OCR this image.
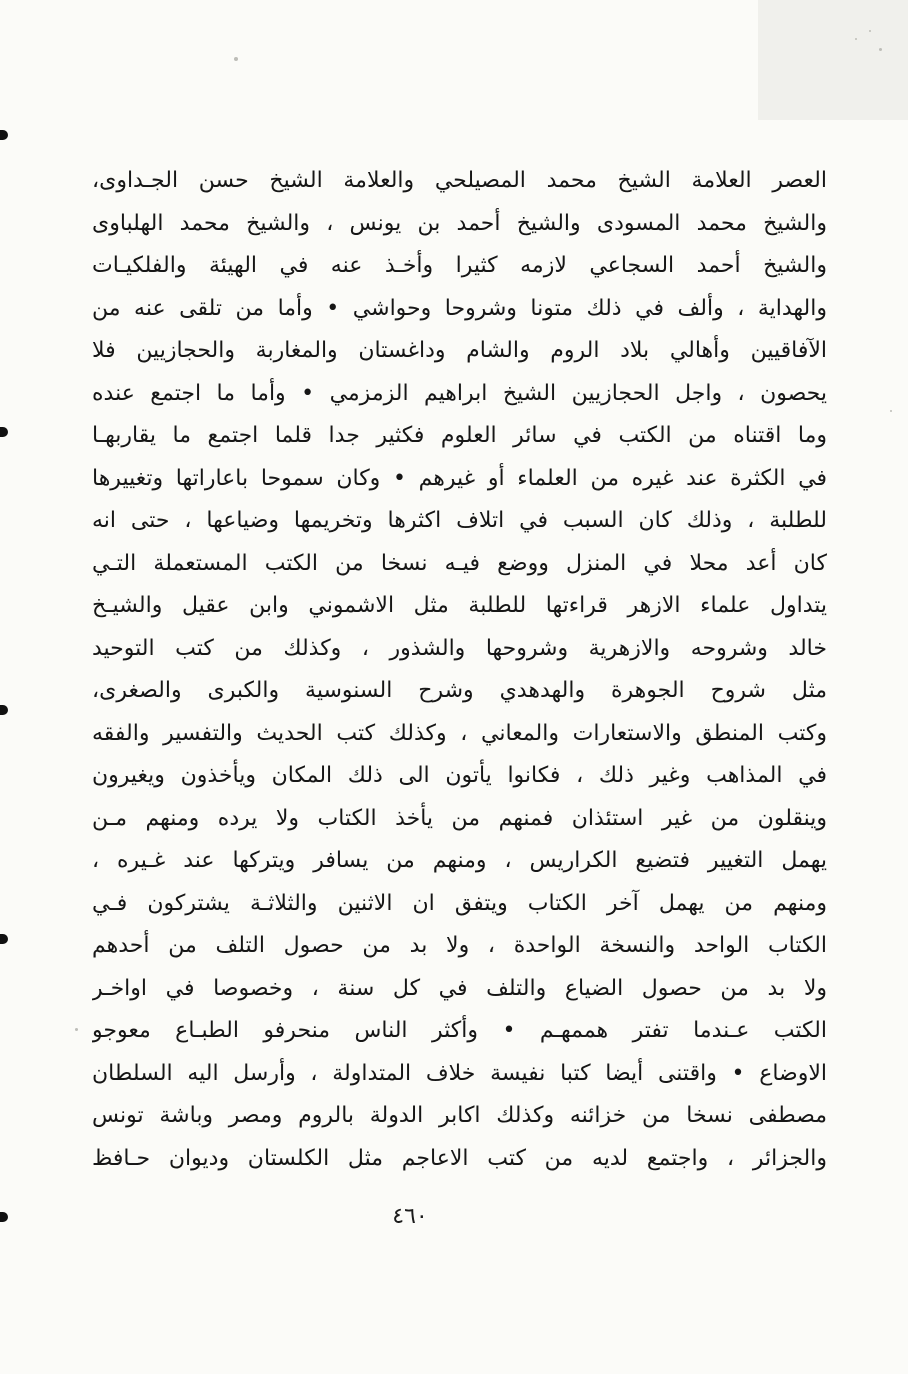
العصر العلامة الشيخ محمد المصيلحي والعلامة الشيخ حسن الجـداوى،
والشيخ محمد المسودى والشيخ أحمد بن يونس ، والشيخ محمد الهلباوى
والشيخ أحمد السجاعي لازمه كثيرا وأخـذ عنه في الهيئة والفلكيـات
والهداية ، وألف في ذلك متونا وشروحا وحواشي • وأما من تلقى عنه من
الآفاقيين وأهالي بلاد الروم والشام وداغستان والمغاربة والحجازيين فلا
يحصون ، واجل الحجازيين الشيخ ابراهيم الزمزمي • وأما ما اجتمع عنده
وما اقتناه من الكتب في سائر العلوم فكثير جدا قلما اجتمع ما يقاربهـا
في الكثرة عند غيره من العلماء أو غيرهم • وكان سموحا باعاراتها وتغييرها
للطلبة ، وذلك كان السبب في اتلاف اكثرها وتخريمها وضياعها ، حتى انه
كان أعد محلا في المنزل ووضع فيـه نسخا من الكتب المستعملة التـي
يتداول علماء الازهر قراءتها للطلبة مثل الاشموني وابن عقيل والشيـخ
خالد وشروحه والازهرية وشروحها والشذور ، وكذلك من كتب التوحيد
مثل شروح الجوهرة والهدهدي وشرح السنوسية والكبرى والصغرى،
وكتب المنطق والاستعارات والمعاني ، وكذلك كتب الحديث والتفسير والفقه
في المذاهب وغير ذلك ، فكانوا يأتون الى ذلك المكان ويأخذون ويغيرون
وينقلون من غير استئذان فمنهم من يأخذ الكتاب ولا يرده ومنهم مـن
يهمل التغيير فتضيع الكراريس ، ومنهم من يسافر ويتركها عند غـيره ،
ومنهم من يهمل آخر الكتاب ويتفق ان الاثنين والثلاثـة يشتركون فـي
الكتاب الواحد والنسخة الواحدة ، ولا بد من حصول التلف من أحدهم
ولا بد من حصول الضياع والتلف في كل سنة ، وخصوصا في اواخـر
الكتب عـندما تفتر هممهـم • وأكثر الناس منحرفو الطبـاع معوجو
الاوضاع • واقتنى أيضا كتبا نفيسة خلاف المتداولة ، وأرسل اليه السلطان
مصطفى نسخا من خزائنه وكذلك اكابر الدولة بالروم ومصر وباشة تونس
والجزائر ، واجتمع لديه من كتب الاعاجم مثل الكلستان وديوان حـافظ
٤٦٠
